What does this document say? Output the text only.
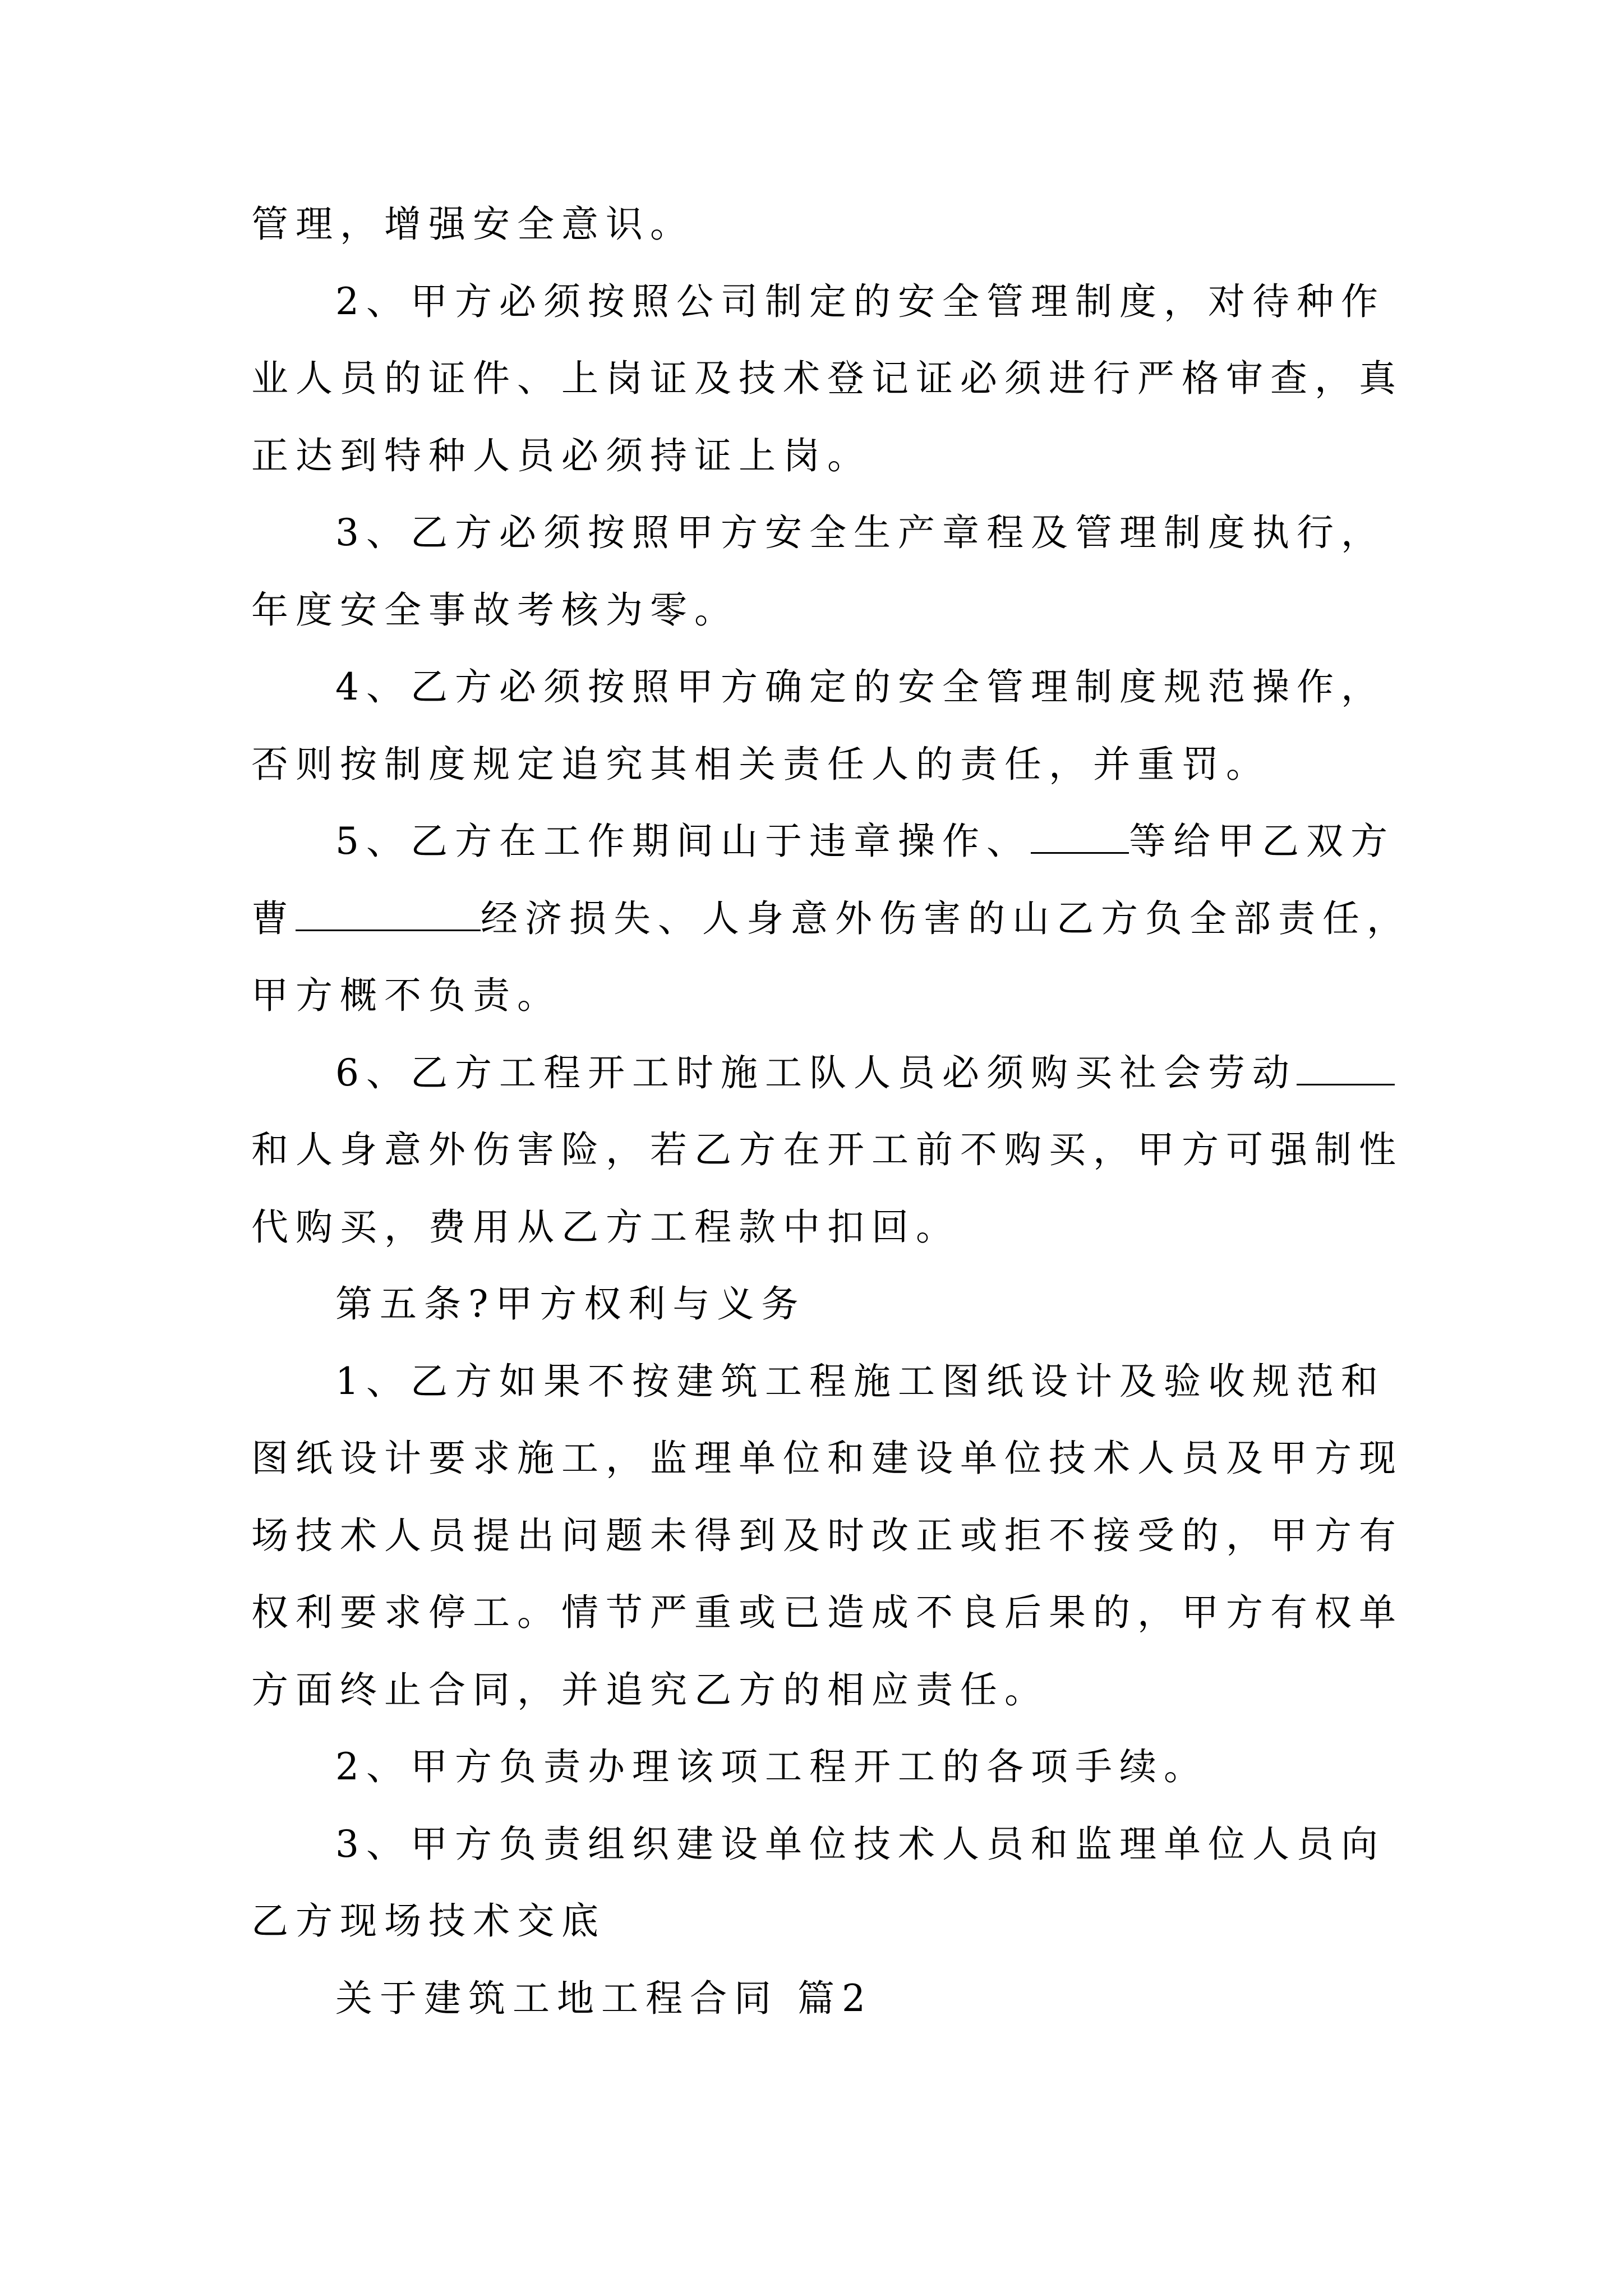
管理，增强安全意识。

2、甲方必须按照公司制定的安全管理制度，对待种作

业人员的证件、上岗证及技术登记证必须进行严格审查，真

正达到特种人员必须持证上岗。

3、乙方必须按照甲方安全生产章程及管理制度执行，

年度安全事故考核为零。

4、乙方必须按照甲方确定的安全管理制度规范操作，

否则按制度规定追究其相关责任人的责任，并重罚。

5、乙方在工作期间山于违章操作、	等给甲乙双方

曹	经济损失、人身意外伤害的山乙方负全部责任，

甲方概不负责。

6、乙方工程开工时施工队人员必须购买社会劳动

和人身意外伤害险，若乙方在开工前不购买，甲方可强制性

代购买，费用从乙方工程款中扣回。

第五条?甲方权利与义务

1、乙方如果不按建筑工程施工图纸设计及验收规范和

图纸设计要求施工，监理单位和建设单位技术人员及甲方现

场技术人员提出问题未得到及时改正或拒不接受的，甲方有

权利要求停工。情节严重或已造成不良后果的，甲方有权单

方面终止合同，并追究乙方的相应责任。

2、甲方负责办理该项工程开工的各项手续。

3、甲方负责组织建设单位技术人员和监理单位人员向

乙方现场技术交底

关于建筑工地工程合同 篇2
